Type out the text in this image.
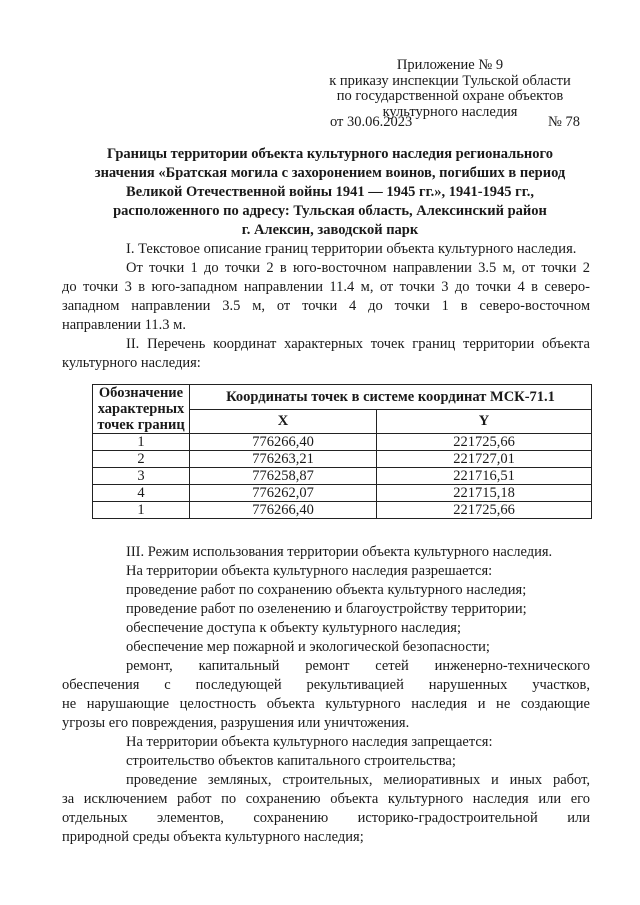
Приложение № 9
к приказу инспекции Тульской области
по государственной охране объектов
культурного наследия
от 30.06.2023	№ 78
Границы территории объекта культурного наследия регионального
значения «Братская могила с захоронением воинов, погибших в период
Великой Отечественной войны 1941 — 1945 гг.», 1941-1945 гг.,
расположенного по адресу: Тульская область, Алексинский район
г. Алексин, заводской парк
I. Текстовое описание границ территории объекта культурного наследия.
От точки 1 до точки 2 в юго-восточном направлении 3.5 м, от точки 2
до точки 3 в юго-западном направлении 11.4 м, от точки 3 до точки 4 в северо-
западном направлении 3.5 м, от точки 4 до точки 1 в северо-восточном
направлении 11.3 м.
II. Перечень координат характерных точек границ территории объекта
культурного наследия:
Обозначение характерных точек границ	Координаты точек в системе координат МСК-71.1	
	X	Y
1	776266,40	221725,66
2	776263,21	221727,01
3	776258,87	221716,51
4	776262,07	221715,18
1	776266,40	221725,66
III. Режим использования территории объекта культурного наследия.
На территории объекта культурного наследия разрешается:
проведение работ по сохранению объекта культурного наследия;
проведение работ по озеленению и благоустройству территории;
обеспечение доступа к объекту культурного наследия;
обеспечение мер пожарной и экологической безопасности;
ремонт, капитальный ремонт сетей инженерно-технического
обеспечения с последующей рекультивацией нарушенных участков,
не нарушающие целостность объекта культурного наследия и не создающие
угрозы его повреждения, разрушения или уничтожения.
На территории объекта культурного наследия запрещается:
строительство объектов капитального строительства;
проведение земляных, строительных, мелиоративных и иных работ,
за исключением работ по сохранению объекта культурного наследия или его
отдельных элементов, сохранению историко-градостроительной или
природной среды объекта культурного наследия;
